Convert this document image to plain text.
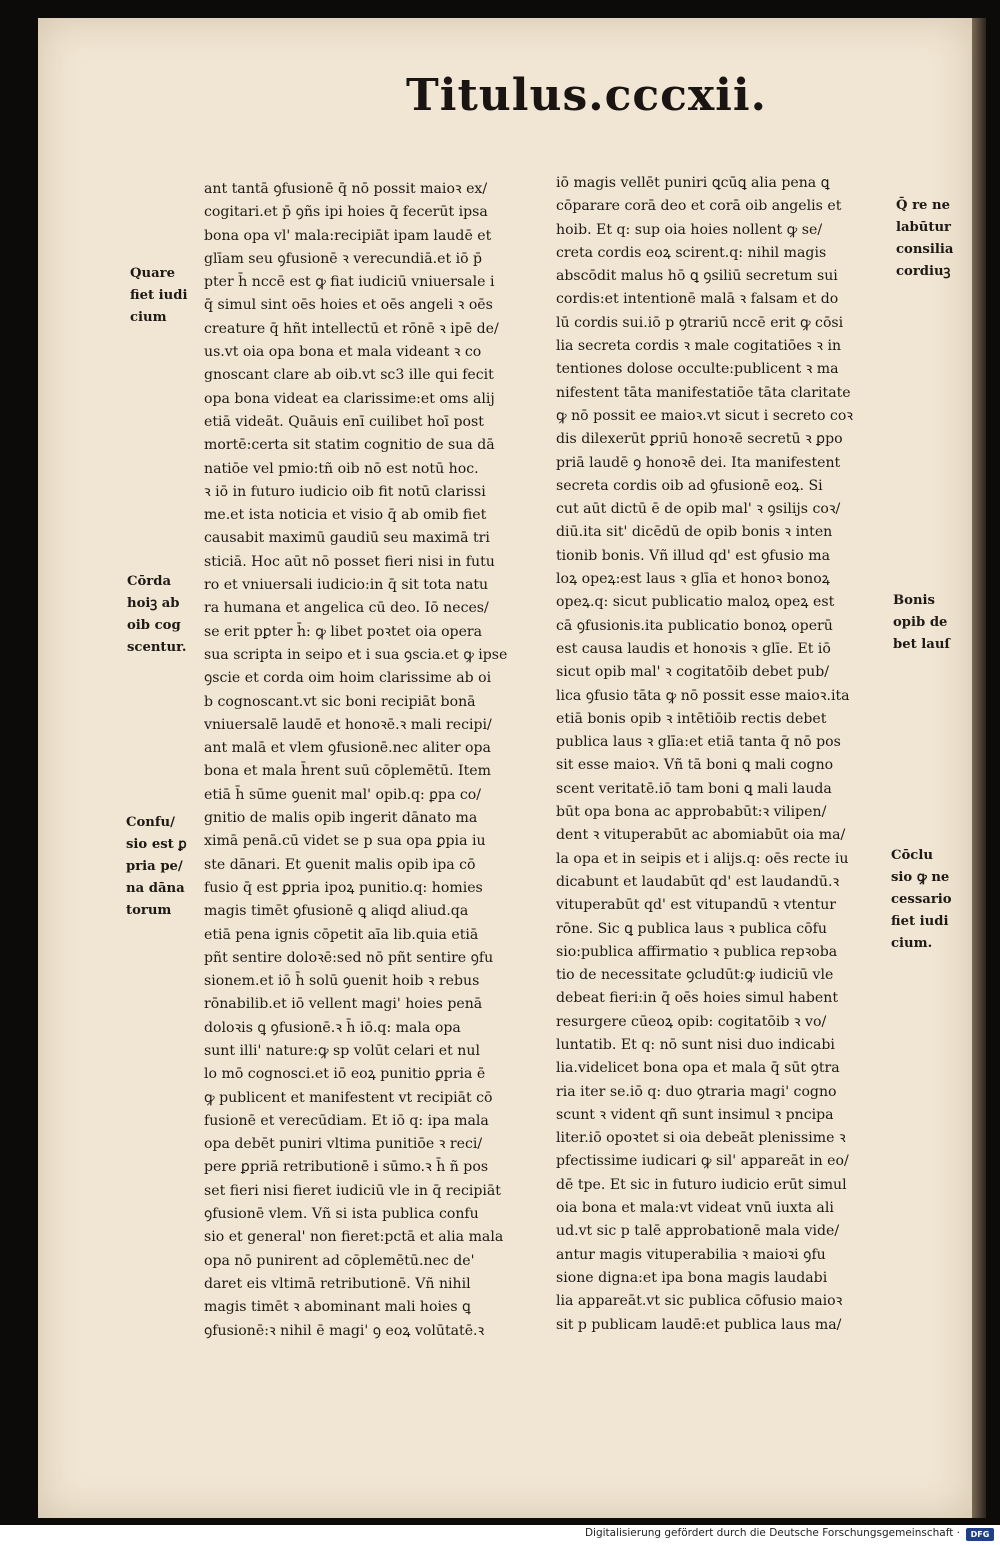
Titulus.cccxii.
ant tantā ꝯfusionē q̄ nō possit maioꝛ ex/
cogitari.et p̄ ꝯñs ipi hoies q̄ fecerūt ipsa
bona opa vl' mala:recipiāt ipam laudē et
glīam seu ꝯfusionē ꝛ verecundiā.et iō p̄
pter h̄ nccē est ꝙ fiat iudiciū vniuersale i
q̄ simul sint oēs hoies et oēs angeli ꝛ oēs
creature q̄ hñt intellectū et rōnē ꝛ ipē de/
us.vt oia opa bona et mala videant ꝛ co
gnoscant clare ab oib.vt sc3 ille qui fecit
opa bona videat ea clarissime:et oms alij
etiā videāt. Quāuis enī cuilibet hoī post
mortē:certa sit statim cognitio de sua dā
natiōe vel pmio:tñ oib nō est notū hoc.
ꝛ iō in futuro iudicio oib fit notū clarissi
me.et ista noticia et visio q̄ ab omib fiet
causabit maximū gaudiū seu maximā tri
sticiā. Hoc aūt nō posset fieri nisi in futu
ro et vniuersali iudicio:in q̄ sit tota natu
ra humana et angelica cū deo. Iō neces/
se erit pꝑter h̄: ꝙ libet poꝛtet oia opera
sua scripta in seipo et i sua ꝯscia.et ꝙ ipse
ꝯscie et corda oim hoim clarissime ab oi
b cognoscant.vt sic boni recipiāt bonā
vniuersalē laudē et honoꝛē.ꝛ mali recipi/
ant malā et vlem ꝯfusionē.nec aliter opa
bona et mala h̄rent suū cōplemētū. Item
etiā h̄ sūme ꝯuenit mal' opib.q: ꝑpa co/
gnitio de malis opib ingerit dānato ma
ximā penā.cū videt se p sua opa ꝑpia iu
ste dānari. Et ꝯuenit malis opib ipa cō
fusio q̄ est ꝑpria ipoꝝ punitio.q: homies
magis timēt ꝯfusionē ꝗ aliqd aliud.qa
etiā pena ignis cōpetit aīa lib.quia etiā
pñt sentire doloꝛē:sed nō pñt sentire ꝯfu
sionem.et iō h̄ solū ꝯuenit hoib ꝛ rebus
rōnabilib.et iō vellent magi' hoies penā
doloꝛis ꝗ ꝯfusionē.ꝛ h̄ iō.q: mala opa
sunt illi' nature:ꝙ sp volūt celari et nul
lo mō cognosci.et iō eoꝝ punitio ꝑpria ē
ꝙ publicent et manifestent vt recipiāt cō
fusionē et verecūdiam. Et iō q: ipa mala
opa debēt puniri vltima punitiōe ꝛ reci/
pere ꝑpriā retributionē i sūmo.ꝛ h̄ ñ pos
set fieri nisi fieret iudiciū vle in q̄ recipiāt
ꝯfusionē vlem. Vñ si ista publica confu
sio et general' non fieret:pctā et alia mala
opa nō punirent ad cōplemētū.nec de'
daret eis vltimā retributionē. Vñ nihil
magis timēt ꝛ abominant mali hoies ꝗ
ꝯfusionē:ꝛ nihil ē magi' ꝯ eoꝝ volūtatē.ꝛ
iō magis vellēt puniri ꝗcūꝗ alia pena ꝗ
cōparare corā deo et corā oib angelis et
hoib. Et q: sup oia hoies nollent ꝙ se/
creta cordis eoꝝ scirent.q: nihil magis
abscōdit malus hō ꝗ ꝯsiliū secretum sui
cordis:et intentionē malā ꝛ falsam et do
lū cordis sui.iō p ꝯtrariū nccē erit ꝙ cōsi
lia secreta cordis ꝛ male cogitatiōes ꝛ in
tentiones dolose occulte:publicent ꝛ ma
nifestent tāta manifestatiōe tāta claritate
ꝙ nō possit ee maioꝛ.vt sicut i secreto coꝛ
dis dilexerūt ꝑpriū honoꝛē secretū ꝛ ꝑpo
priā laudē ꝯ honoꝛē dei. Ita manifestent
secreta cordis oib ad ꝯfusionē eoꝝ. Si
cut aūt dictū ē de opib mal' ꝛ ꝯsilijs coꝛ/
diū.ita sit' dicēdū de opib bonis ꝛ inten
tionib bonis. Vñ illud qd' est ꝯfusio ma
loꝝ opeꝝ:est laus ꝛ glīa et honoꝛ bonoꝝ
opeꝝ.q: sicut publicatio maloꝝ opeꝝ est
cā ꝯfusionis.ita publicatio bonoꝝ operū
est causa laudis et honoꝛis ꝛ glīe. Et iō
sicut opib mal' ꝛ cogitatōib debet pub/
lica ꝯfusio tāta ꝙ nō possit esse maioꝛ.ita
etiā bonis opib ꝛ intētiōib rectis debet
publica laus ꝛ glīa:et etiā tanta q̄ nō pos
sit esse maioꝛ. Vñ tā boni ꝗ mali cogno
scent veritatē.iō tam boni ꝗ mali lauda
būt opa bona ac approbabūt:ꝛ vilipen/
dent ꝛ vituperabūt ac abomiabūt oia ma/
la opa et in seipis et i alijs.q: oēs recte iu
dicabunt et laudabūt qd' est laudandū.ꝛ
vituperabūt qd' est vitupandū ꝛ vtentur
rōne. Sic ꝗ publica laus ꝛ publica cōfu
sio:publica affirmatio ꝛ publica repꝛoba
tio de necessitate ꝯcludūt:ꝙ iudiciū vle
debeat fieri:in q̄ oēs hoies simul habent
resurgere cūeoꝝ opib: cogitatōib ꝛ vo/
luntatib. Et q: nō sunt nisi duo indicabi
lia.videlicet bona opa et mala q̄ sūt ꝯtra
ria iter se.iō q: duo ꝯtraria magi' cogno
scunt ꝛ vident qñ sunt insimul ꝛ pncipa
liter.iō opoꝛtet si oia debeāt plenissime ꝛ
pfectissime iudicari ꝙ sil' appareāt in eo/
dē tpe. Et sic in futuro iudicio erūt simul
oia bona et mala:vt videat vnū iuxta ali
ud.vt sic p talē approbationē mala vide/
antur magis vituperabilia ꝛ maioꝛi ꝯfu
sione digna:et ipa bona magis laudabi
lia appareāt.vt sic publica cōfusio maioꝛ
sit p publicam laudē:et publica laus ma/
Quare
fiet iudi
cium
Cōrda
hoiꝫ ab
oib cog
scentur.
Confu/
sio est ꝑ
pria pe/
na dāna
torum
Q̄ re ne
labūtur
consilia
cordiuꝫ
Bonis
opib de
bet lauſ
Cōclu
sio ꝙ ne
cessario
fiet iudi
cium.
Digitalisierung gefördert durch die Deutsche Forschungsgemeinschaft ·	DFG
